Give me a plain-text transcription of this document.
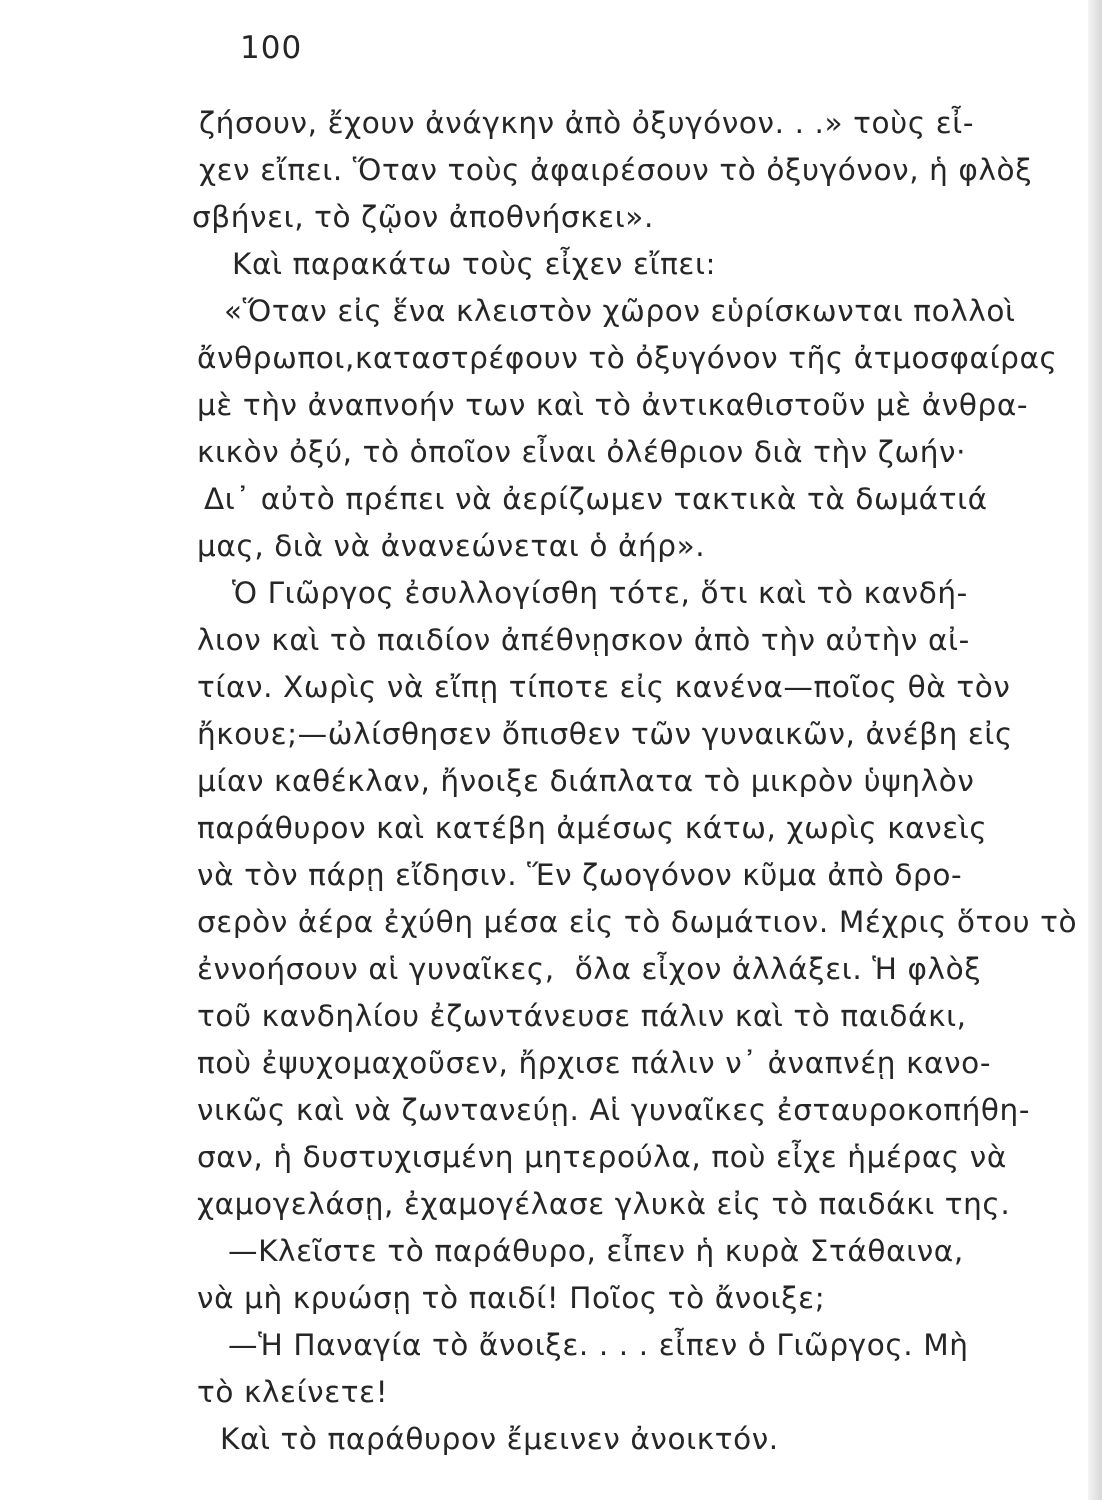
100
ζήσουν, ἔχουν ἀνάγκην ἀπὸ ὀξυγόνον. . .» τοὺς εἶ-
χεν εἴπει. Ὅταν τοὺς ἀφαιρέσουν τὸ ὀξυγόνον, ἡ φλὸξ
σβήνει, τὸ ζῷον ἀποθνήσκει».
Καὶ παρακάτω τοὺς εἶχεν εἴπει:
«Ὅταν εἰς ἕνα κλειστὸν χῶρον εὑρίσκωνται πολλοὶ
ἄνθρωποι,καταστρέφουν τὸ ὀξυγόνον τῆς ἀτμοσφαίρας
μὲ τὴν ἀναπνοήν των καὶ τὸ ἀντικαθιστοῦν μὲ ἀνθρα-
κικὸν ὀξύ, τὸ ὁποῖον εἶναι ὀλέθριον διὰ τὴν ζωήν·
Δι᾿ αὐτὸ πρέπει νὰ ἀερίζωμεν τακτικὰ τὰ δωμάτιά
μας, διὰ νὰ ἀνανεώνεται ὁ ἀήρ».
Ὁ Γιῶργος ἐσυλλογίσθη τότε, ὅτι καὶ τὸ κανδή-
λιον καὶ τὸ παιδίον ἀπέθνῃσκον ἀπὸ τὴν αὐτὴν αἰ-
τίαν. Χωρὶς νὰ εἴπῃ τίποτε εἰς κανένα—ποῖος θὰ τὸν
ἤκουε;—ὠλίσθησεν ὄπισθεν τῶν γυναικῶν, ἀνέβη εἰς
μίαν καθέκλαν, ἤνοιξε διάπλατα τὸ μικρὸν ὑψηλὸν
παράθυρον καὶ κατέβη ἀμέσως κάτω, χωρὶς κανεὶς
νὰ τὸν πάρῃ εἴδησιν. Ἕν ζωογόνον κῦμα ἀπὸ δρο-
σερὸν ἀέρα ἐχύθη μέσα εἰς τὸ δωμάτιον. Μέχρις ὅτου τὸ
ἐννοήσουν αἱ γυναῖκες,  ὅλα εἶχον ἀλλάξει. Ἡ φλὸξ
τοῦ κανδηλίου ἐζωντάνευσε πάλιν καὶ τὸ παιδάκι,
ποὺ ἐψυχομαχοῦσεν, ἤρχισε πάλιν ν᾿ ἀναπνέῃ κανο-
νικῶς καὶ νὰ ζωντανεύῃ. Αἱ γυναῖκες ἐσταυροκοπήθη-
σαν, ἡ δυστυχισμένη μητερούλα, ποὺ εἶχε ἡμέρας νὰ
χαμογελάσῃ, ἐχαμογέλασε γλυκὰ εἰς τὸ παιδάκι της.
—Κλεῖστε τὸ παράθυρο, εἶπεν ἡ κυρὰ Στάθαινα,
νὰ μὴ κρυώσῃ τὸ παιδί! Ποῖος τὸ ἄνοιξε;
—Ἡ Παναγία τὸ ἄνοιξε. . . . εἶπεν ὁ Γιῶργος. Μὴ
τὸ κλείνετε!
Καὶ τὸ παράθυρον ἔμεινεν ἀνοικτόν.
